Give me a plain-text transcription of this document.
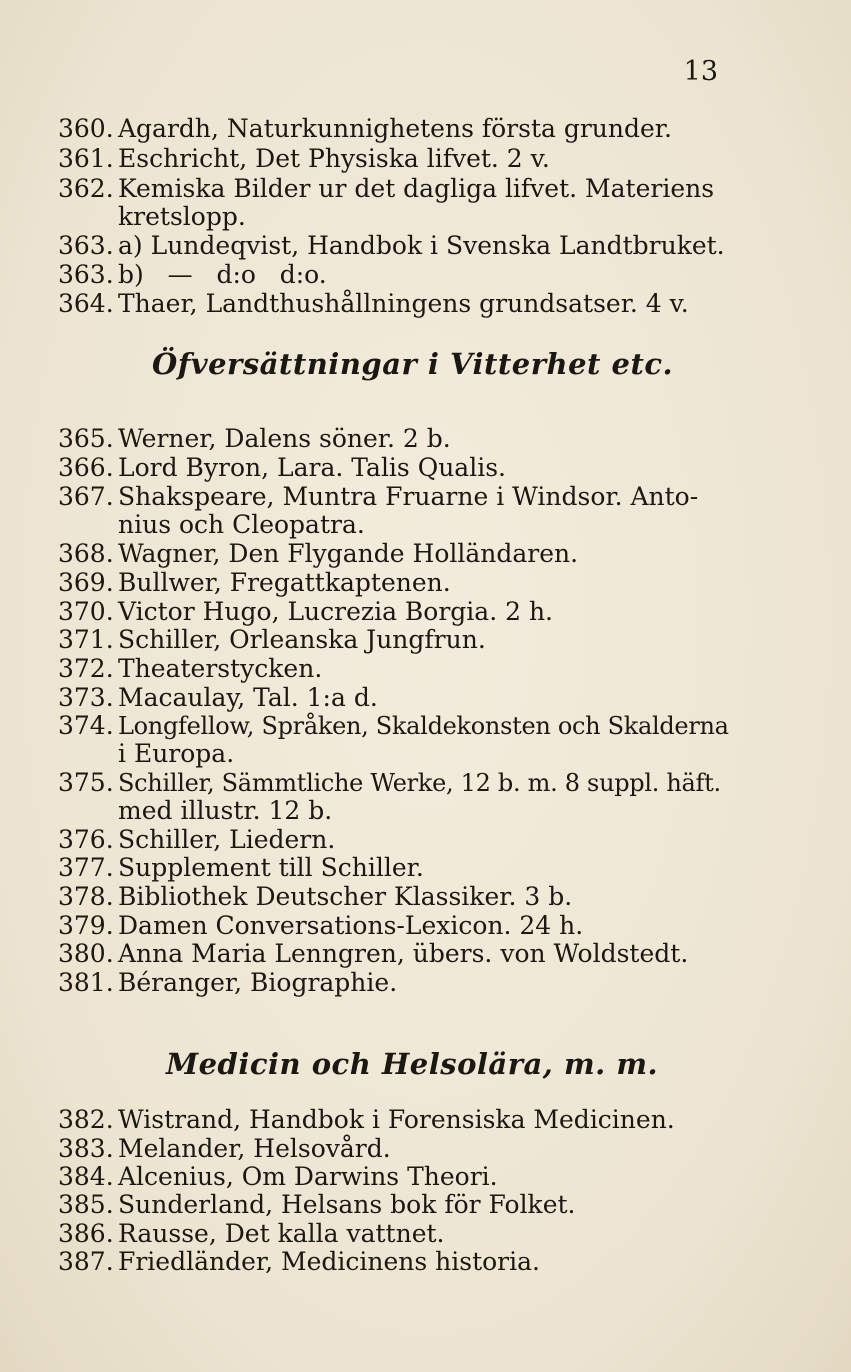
13
360. Agardh, Naturkunnighetens första grunder.
361. Eschricht, Det Physiska lifvet. 2 v.
362. Kemiska Bilder ur det dagliga lifvet. Materiens
kretslopp.
363. a) Lundeqvist, Handbok i Svenska Landtbruket.
363. b)   —   d:o   d:o.
364. Thaer, Landthushållningens grundsatser. 4 v.
Öfversättningar i Vitterhet etc.
365. Werner, Dalens söner. 2 b.
366. Lord Byron, Lara. Talis Qualis.
367. Shakspeare, Muntra Fruarne i Windsor. Anto-
nius och Cleopatra.
368. Wagner, Den Flygande Holländaren.
369. Bullwer, Fregattkaptenen.
370. Victor Hugo, Lucrezia Borgia. 2 h.
371. Schiller, Orleanska Jungfrun.
372. Theaterstycken.
373. Macaulay, Tal. 1:a d.
374. Longfellow, Språken, Skaldekonsten och Skalderna
i Europa.
375. Schiller, Sämmtliche Werke, 12 b. m. 8 suppl. häft.
med illustr. 12 b.
376. Schiller, Liedern.
377. Supplement till Schiller.
378. Bibliothek Deutscher Klassiker. 3 b.
379. Damen Conversations-Lexicon. 24 h.
380. Anna Maria Lenngren, übers. von Woldstedt.
381. Béranger, Biographie.
Medicin och Helsolära, m. m.
382. Wistrand, Handbok i Forensiska Medicinen.
383. Melander, Helsovård.
384. Alcenius, Om Darwins Theori.
385. Sunderland, Helsans bok för Folket.
386. Rausse, Det kalla vattnet.
387. Friedländer, Medicinens historia.
